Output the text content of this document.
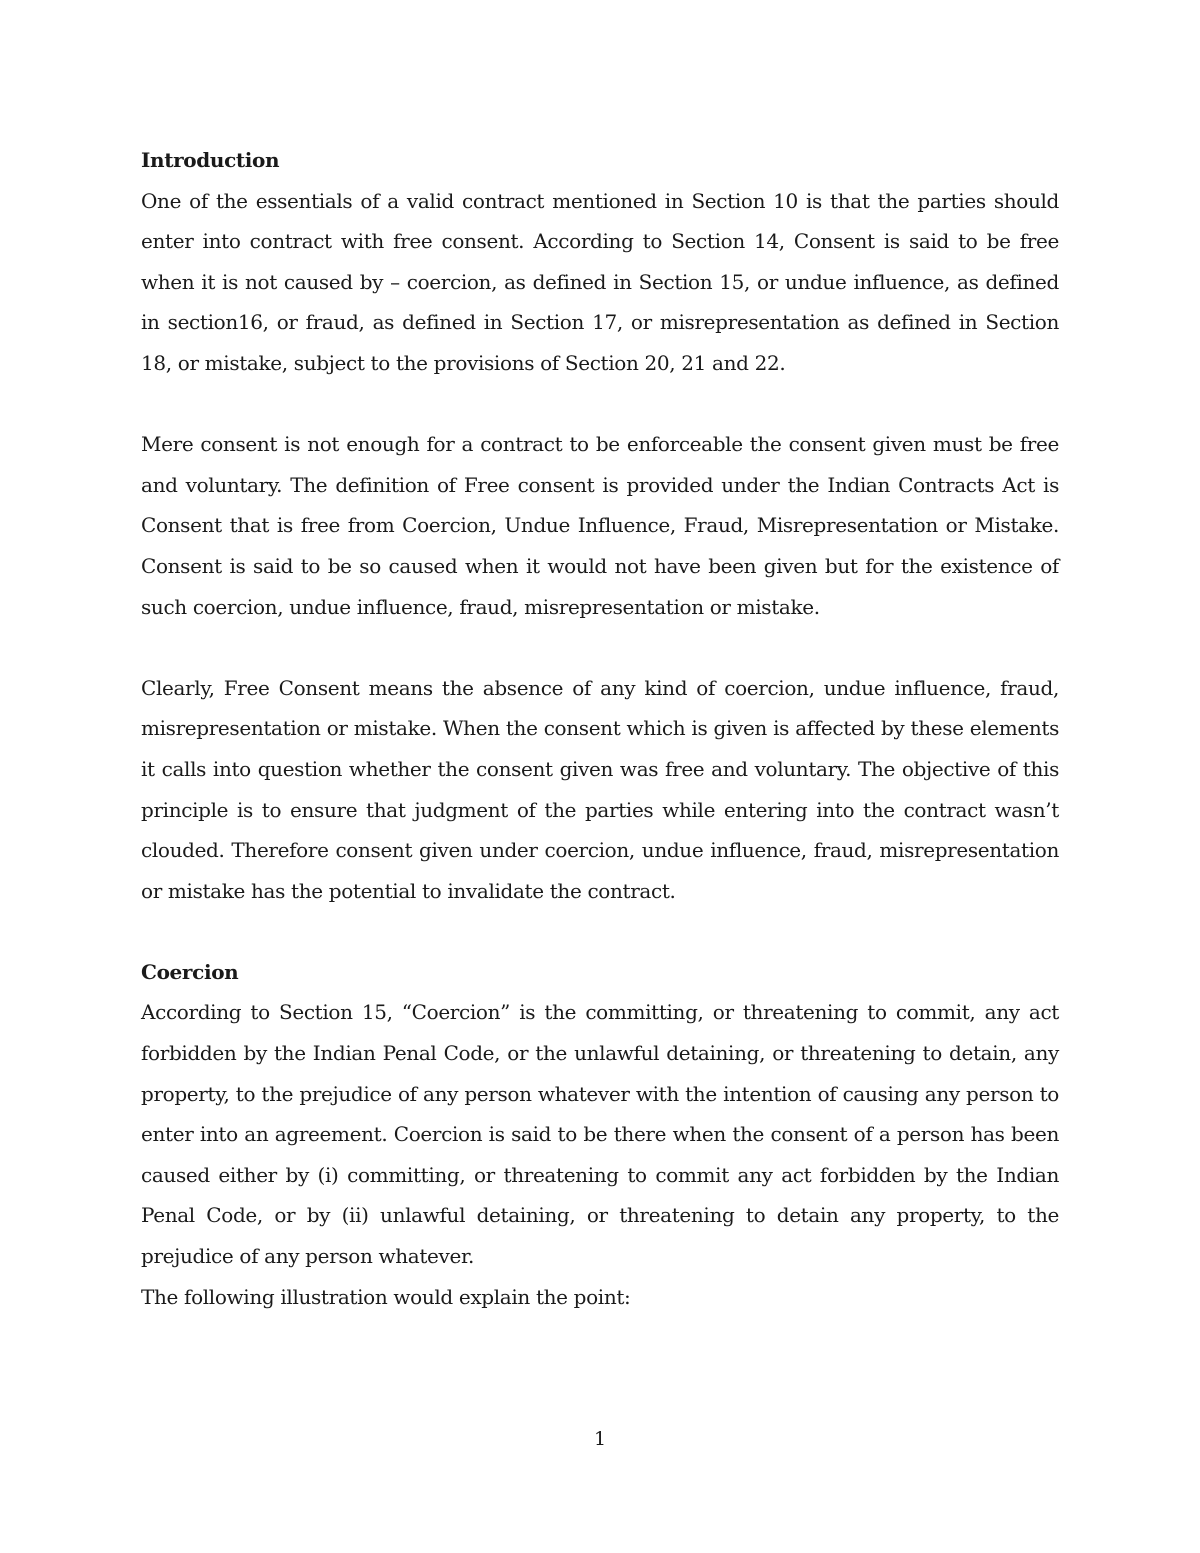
Introduction

One of the essentials of a valid contract mentioned in Section 10 is that the parties should enter into contract with free consent. According to Section 14, Consent is said to be free when it is not caused by – coercion, as defined in Section 15, or undue influence, as defined in section16, or fraud, as defined in Section 17, or misrepresentation as defined in Section 18, or mistake, subject to the provisions of Section 20, 21 and 22.

Mere consent is not enough for a contract to be enforceable the consent given must be free and voluntary. The definition of Free consent is provided under the Indian Contracts Act is Consent that is free from Coercion, Undue Influence, Fraud, Misrepresentation or Mistake. Consent is said to be so caused when it would not have been given but for the existence of such coercion, undue influence, fraud, misrepresentation or mistake.

Clearly, Free Consent means the absence of any kind of coercion, undue influence, fraud, misrepresentation or mistake. When the consent which is given is affected by these elements it calls into question whether the consent given was free and voluntary. The objective of this principle is to ensure that judgment of the parties while entering into the contract wasn’t clouded. Therefore consent given under coercion, undue influence, fraud, misrepresentation or mistake has the potential to invalidate the contract.

Coercion

According to Section 15, “Coercion” is the committing, or threatening to commit, any act forbidden by the Indian Penal Code, or the unlawful detaining, or threatening to detain, any property, to the prejudice of any person whatever with the intention of causing any person to enter into an agreement. Coercion is said to be there when the consent of a person has been caused either by (i) committing, or threatening to commit any act forbidden by the Indian Penal Code, or by (ii) unlawful detaining, or threatening to detain any property, to the prejudice of any person whatever.

The following illustration would explain the point:

1
